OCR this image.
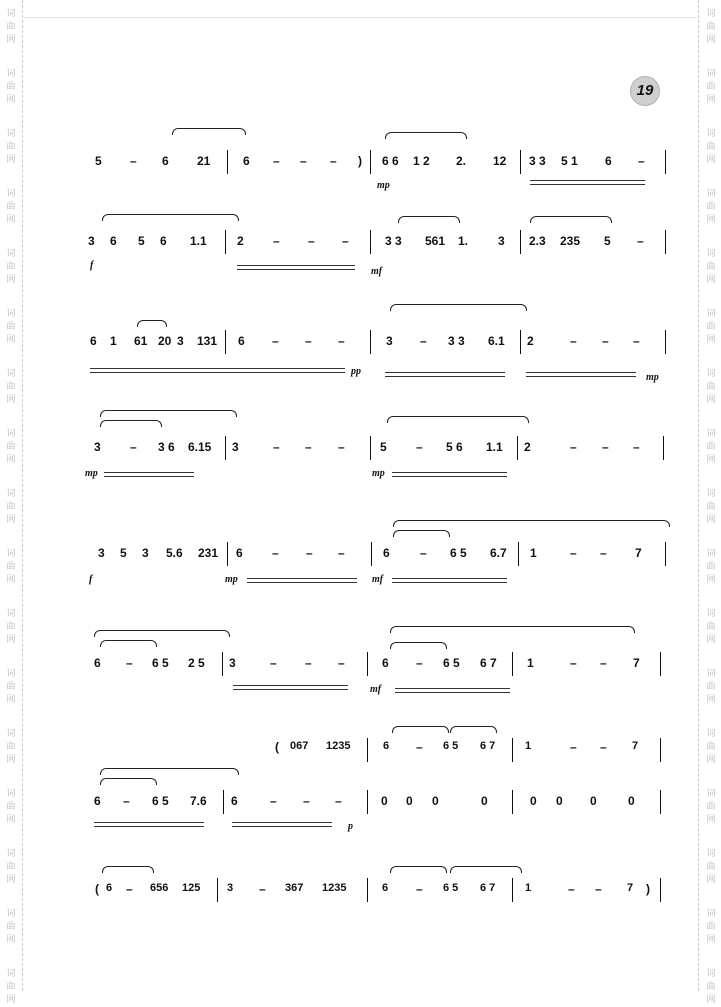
词
曲
网
词
曲
网
词
曲
网
词
曲
网
词
曲
网
词
曲
网
词
曲
网
词
曲
网
词
曲
网
词
曲
网
词
曲
网
词
曲
网
词
曲
网
词
曲
网
词
曲
网
词
曲
网
词
曲
网
词
曲
网
词
曲
网
词
曲
网
词
曲
网
词
曲
网
词
曲
网
词
曲
网
词
曲
网
词
曲
网
词
曲
网
词
曲
网
词
曲
网
词
曲
网
词
曲
网
词
曲
网
词
曲
网
词
曲
网
19
5 – 6 21	6 – – – ) 6 6 1 2 2. 12 3 3 5 1 6 –
mp
3 6 5 6 1.1	2 – – –	3 3 561 1. 3 2.3 235 5 –
f
mf
6 1 61 20 3 131 6 – – –	3 – 3 3 6.1 2	– – –
pp
mp
3 – 3 6 6.15 3	– – –	5 – 5 6 1.1 2	– – –
mp	mp
3 5 3 5.6 231 6 – – –	6	– 6 5 6.7 1	– – 7
f	mp	mf
6 – 6 5 2 5 3	– – –	6 – 6 5 6 7	1	– – 7
mf
( 067 1235	6 – 6 5 6 7	1	– – 7
6 – 6 5 7.6 6	– – –	0 0 0	0	0 0 0	0
p
( 6 – 656 125 3 – 367 1235	6 – 6 5 6 7	1	– – 7 )
